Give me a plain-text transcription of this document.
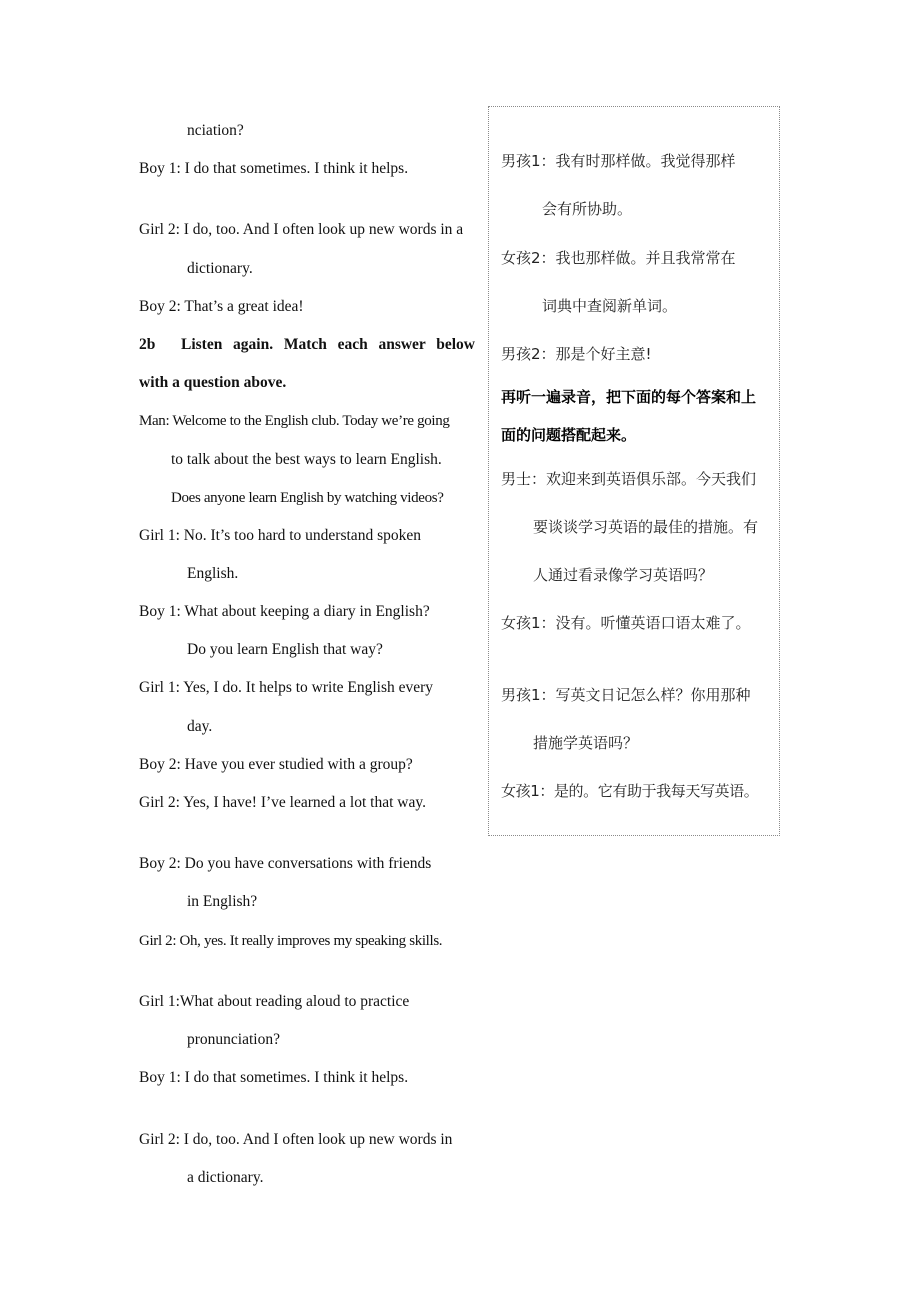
nciation?
Boy 1: I do that sometimes. I think it helps.
Girl 2: I do, too. And I often look up new words in a
dictionary.
Boy 2: That’s a great idea!
2b Listen again. Match each answer below
with a question above.
Man: Welcome to the English club. Today we’re going
to talk about the best ways to learn English.
Does anyone learn English by watching videos?
Girl 1: No. It’s too hard to understand spoken
English.
Boy 1: What about keeping a diary in English?
Do you learn English that way?
Girl 1: Yes, I do. It helps to write English every
day.
Boy 2: Have you ever studied with a group?
Girl 2: Yes, I have! I’ve learned a lot that way.
Boy 2: Do you have conversations with friends
in English?
Girl 2: Oh, yes. It really improves my speaking skills.
Girl 1:What about reading aloud to practice
pronunciation?
Boy 1: I do that sometimes. I think it helps.
Girl 2: I do, too. And I often look up new words in
a dictionary.
男孩1：我有时那样做。我觉得那样
会有所协助。
女孩2：我也那样做。并且我常常在
词典中查阅新单词。
男孩2：那是个好主意!
再听一遍录音，把下面的每个答案和上
面的问题搭配起来。
男士：欢迎来到英语俱乐部。今天我们
要谈谈学习英语的最佳的措施。有
人通过看录像学习英语吗？
女孩1：没有。听懂英语口语太难了。
男孩1：写英文日记怎么样？你用那种
措施学英语吗？
女孩1：是的。它有助于我每天写英语。
